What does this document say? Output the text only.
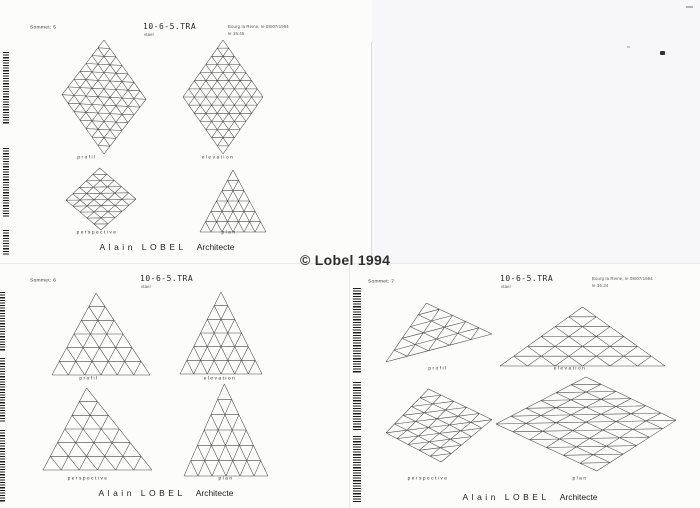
profil	elevation
perspective	plan
profil	elevation
perspective	plan
profil	elevation
perspective	plan
Sommet: 5	10-6-5.TRA
vtael
Bourg la Reine, le 08/07/1994
le 15:45
Alain LOBEL Architecte
Sommet: 6	10-6-5.TRA
vtael
Alain LOBEL Architecte
Sommet: 7	10-6-5.TRA
vtael
Bourg la Reine, le 08/07/1994
le 16:34
Alain LOBEL Architecte
© Lobel 1994
